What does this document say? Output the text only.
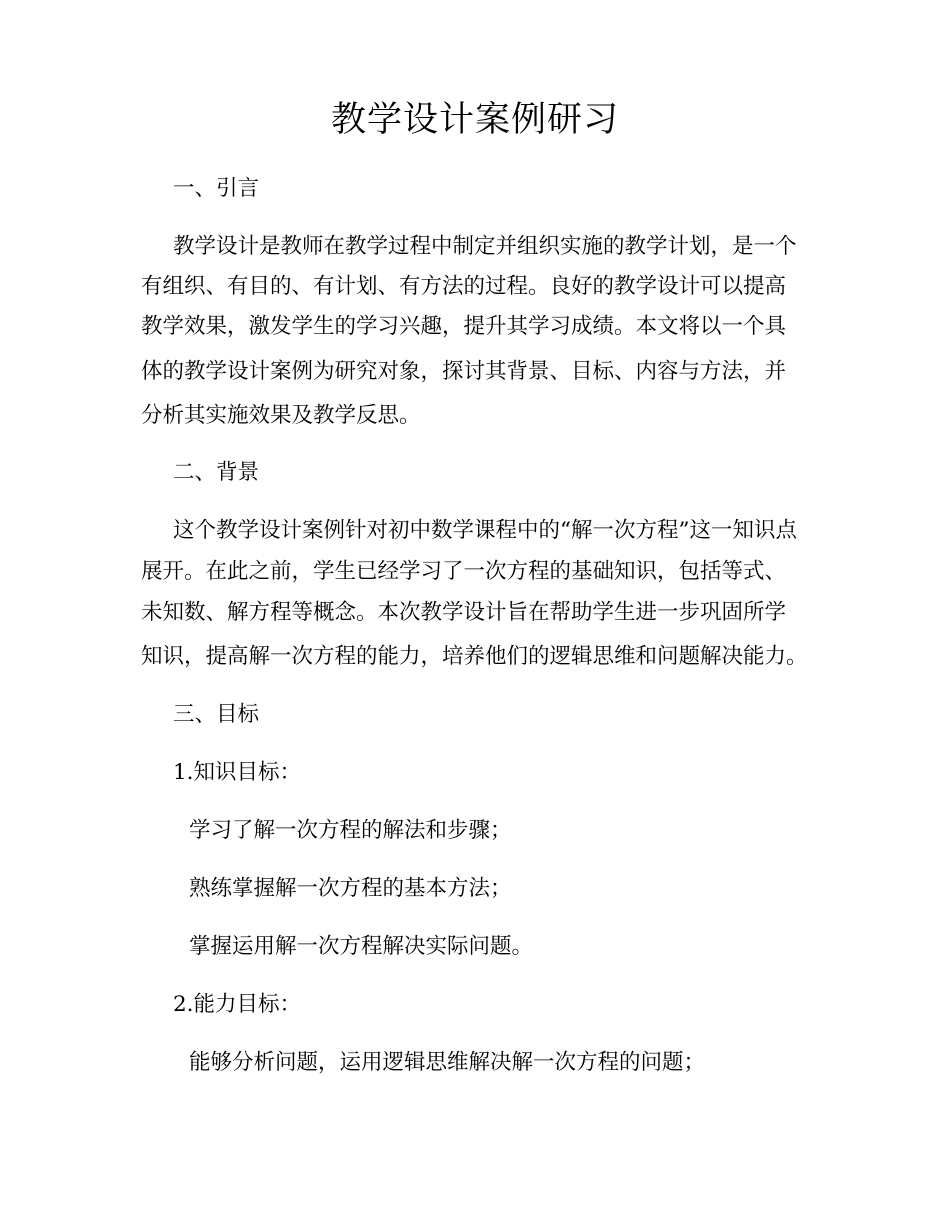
教学设计案例研习

一、引言

教学设计是教师在教学过程中制定并组织实施的教学计划，是一个

有组织、有目的、有计划、有方法的过程。良好的教学设计可以提高

教学效果，激发学生的学习兴趣，提升其学习成绩。本文将以一个具

体的教学设计案例为研究对象，探讨其背景、目标、内容与方法，并

分析其实施效果及教学反思。

二、背景

这个教学设计案例针对初中数学课程中的“解一次方程”这一知识点

展开。在此之前，学生已经学习了一次方程的基础知识，包括等式、

未知数、解方程等概念。本次教学设计旨在帮助学生进一步巩固所学

知识，提高解一次方程的能力，培养他们的逻辑思维和问题解决能力。

三、目标

1.知识目标：

学习了解一次方程的解法和步骤；

熟练掌握解一次方程的基本方法；

掌握运用解一次方程解决实际问题。

2.能力目标：

能够分析问题，运用逻辑思维解决解一次方程的问题；
